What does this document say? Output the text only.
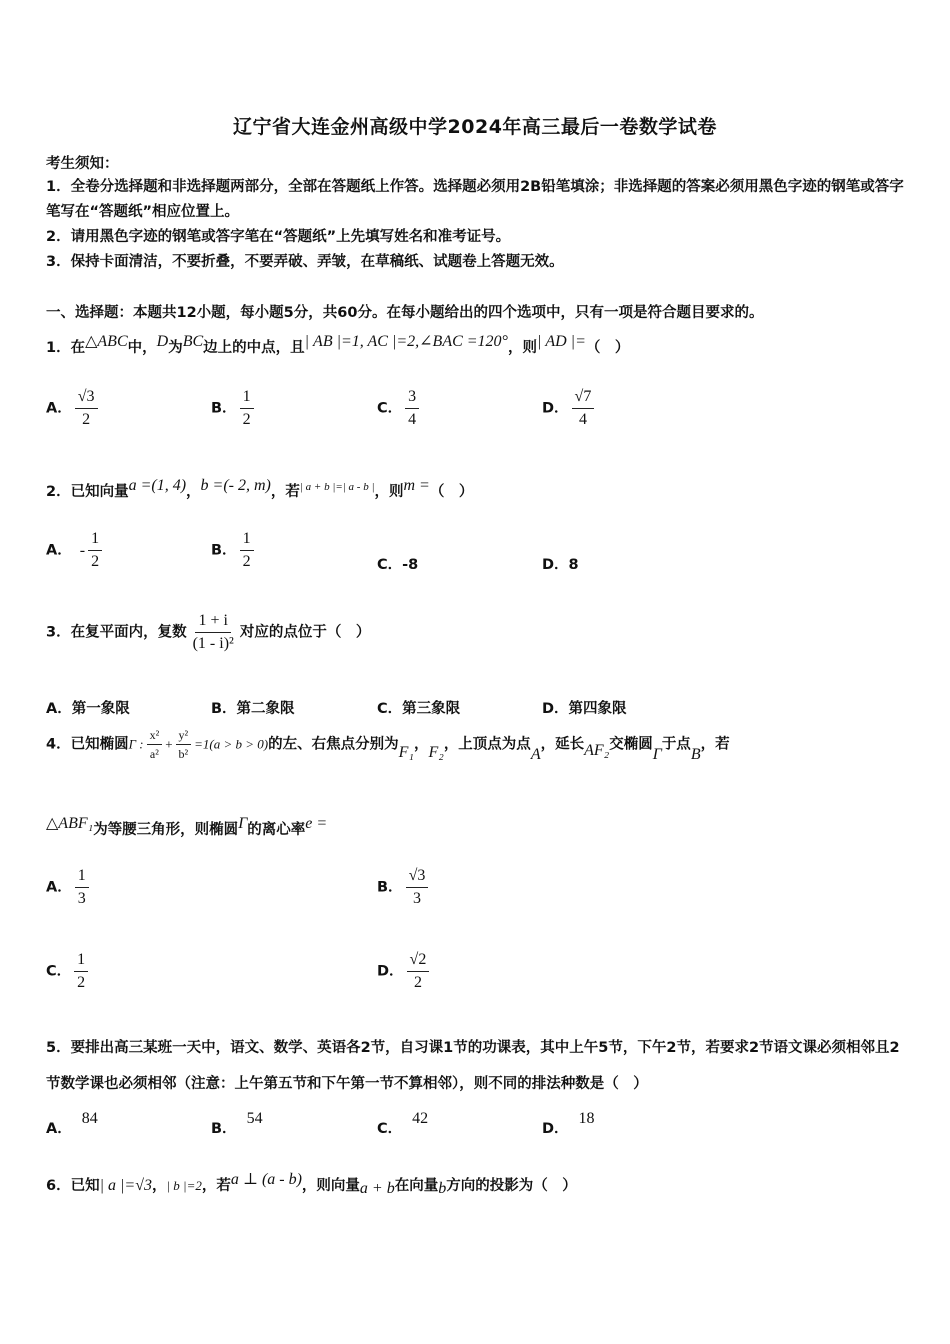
辽宁省大连金州高级中学2024年高三最后一卷数学试卷
考生须知：
1．全卷分选择题和非选择题两部分，全部在答题纸上作答。选择题必须用2B铅笔填涂；非选择题的答案必须用黑色字迹的钢笔或答字笔写在“答题纸”相应位置上。
2．请用黑色字迹的钢笔或答字笔在“答题纸”上先填写姓名和准考证号。
3．保持卡面清洁，不要折叠，不要弄破、弄皱，在草稿纸、试题卷上答题无效。
一、选择题：本题共12小题，每小题5分，共60分。在每小题给出的四个选项中，只有一项是符合题目要求的。
1．在△ABC中，D为BC边上的中点，且| AB |=1, AC |=2,∠BAC =120°，则| AD |=（　）
A． $\frac{√3}{2}$	B． $\frac{1}{2}$	C． $\frac{3}{4}$	D． $\frac{√7}{4}$
2．已知向量a =(1, 4)，b =(- 2, m)，若$^{| a + b |=| a - b |}$，则m =（　）
A． - $\frac{1}{2}$	B． $\frac{1}{2}$	C．-8	D．8
3．在复平面内，复数 $\frac{1 + i}{\text{(1 - i)²}}$ 对应的点位于（　）
A．第一象限	B．第二象限	C．第三象限	D．第四象限
4．已知椭圆Γ : $\frac{\text{x²}}{\text{a²}} + \frac{\text{y²}}{\text{b²}} =1(a > b > 0)$的左、右焦点分别为F₁，F₂，上顶点为点A，延长AF₂交椭圆Γ于点B，若
△ABF₁为等腰三角形，则椭圆Γ的离心率e =
A． $\frac{1}{3}$	B． $\frac{√3}{3}$
C． $\frac{1}{2}$	D． $\frac{√2}{2}$
5．要排出高三某班一天中，语文、数学、英语各2节，自习课1节的功课表，其中上午5节，下午2节，若要求2节语文课必须相邻且2节数学课也必须相邻（注意：上午第五节和下午第一节不算相邻），则不同的排法种数是（　）
A．84
B．54
C．42
D．18
6．已知| a |=√3，| b |=2，若a ⊥ (a - b)，则向量a + b在向量b方向的投影为（　）
